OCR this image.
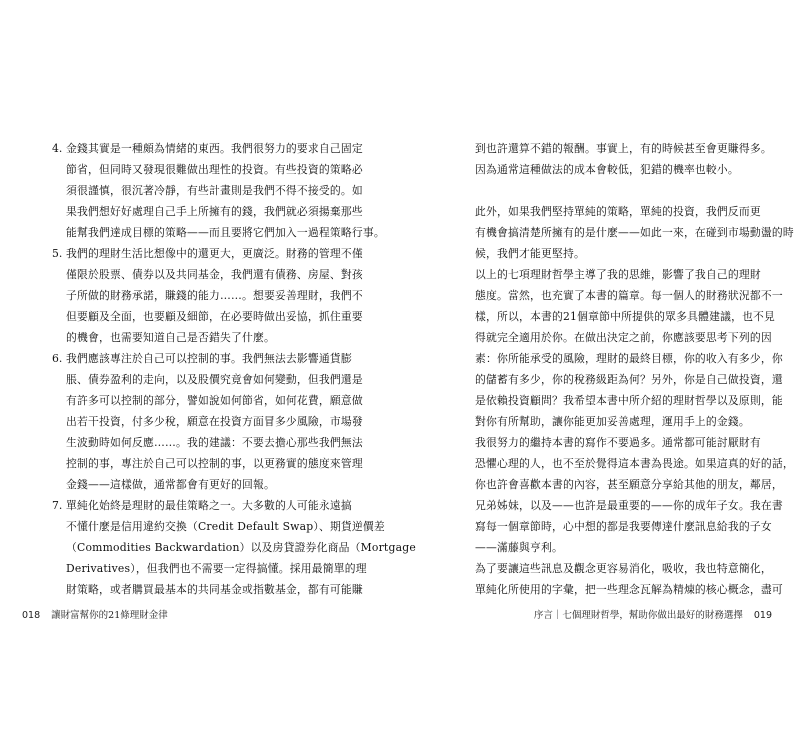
4. 金錢其實是一種頗為情緒的東西。我們很努力的要求自己固定
節省，但同時又發現很難做出理性的投資。有些投資的策略必
須很謹慎，很沉著冷靜，有些計畫則是我們不得不接受的。如
果我們想好好處理自己手上所擁有的錢，我們就必須揚棄那些
能幫我們達成目標的策略——而且要將它們加入一過程策略行事。
5. 我們的理財生活比想像中的還更大，更廣泛。財務的管理不僅
僅限於股票、債券以及共同基金，我們還有債務、房屋、對孩
子所做的財務承諾，賺錢的能力……。想要妥善理財，我們不
但要顧及全面，也要顧及細節，在必要時做出妥協，抓住重要
的機會，也需要知道自己是否錯失了什麼。
6. 我們應該專注於自己可以控制的事。我們無法去影響通貨膨
脹、債券盈利的走向，以及股價究竟會如何變動，但我們還是
有許多可以控制的部分，譬如說如何節省，如何花費，願意做
出若干投資，付多少稅，願意在投資方面冒多少風險，市場發
生波動時如何反應……。我的建議：不要去擔心那些我們無法
控制的事，專注於自己可以控制的事，以更務實的態度來管理
金錢——這樣做，通常都會有更好的回報。
7. 單純化始終是理財的最佳策略之一。大多數的人可能永遠搞
不懂什麼是信用違約交換（Credit Default Swap）、期貨逆價差
（Commodities Backwardation）以及房貸證券化商品（Mortgage
Derivatives），但我們也不需要一定得搞懂。採用最簡單的理
財策略，或者購買最基本的共同基金或指數基金，都有可能賺
018 讓財富幫你的21條理財金律
到也許還算不錯的報酬。事實上，有的時候甚至會更賺得多。
因為通常這種做法的成本會較低，犯錯的機率也較小。
此外，如果我們堅持單純的策略，單純的投資，我們反而更
有機會搞清楚所擁有的是什麼——如此一來，在碰到市場動盪的時
候，我們才能更堅持。
以上的七項理財哲學主導了我的思維，影響了我自己的理財
態度。當然，也充實了本書的篇章。每一個人的財務狀況都不一
樣，所以，本書的21個章節中所提供的眾多具體建議，也不見
得就完全適用於你。在做出決定之前，你應該要思考下列的因
素：你所能承受的風險，理財的最終目標，你的收入有多少，你
的儲蓄有多少，你的稅務級距為何？另外，你是自己做投資，還
是依賴投資顧問？我希望本書中所介紹的理財哲學以及原則，能
對你有所幫助，讓你能更加妥善處理，運用手上的金錢。
我很努力的繼持本書的寫作不要過多。通常都可能討厭財有
恐懼心理的人，也不至於覺得這本書為畏途。如果這真的好的話，
你也許會喜歡本書的內容，甚至願意分享給其他的朋友，鄰居，
兄弟姊妹，以及——也許是最重要的——你的成年子女。我在書
寫每一個章節時，心中想的都是我要傳達什麼訊息給我的子女
——滿藤與亨利。
為了要讓這些訊息及觀念更容易消化，吸收，我也特意簡化，
單純化所使用的字彙，把一些理念瓦解為精煉的核心概念，盡可
序言｜七個理財哲學，幫助你做出最好的財務選擇 019
